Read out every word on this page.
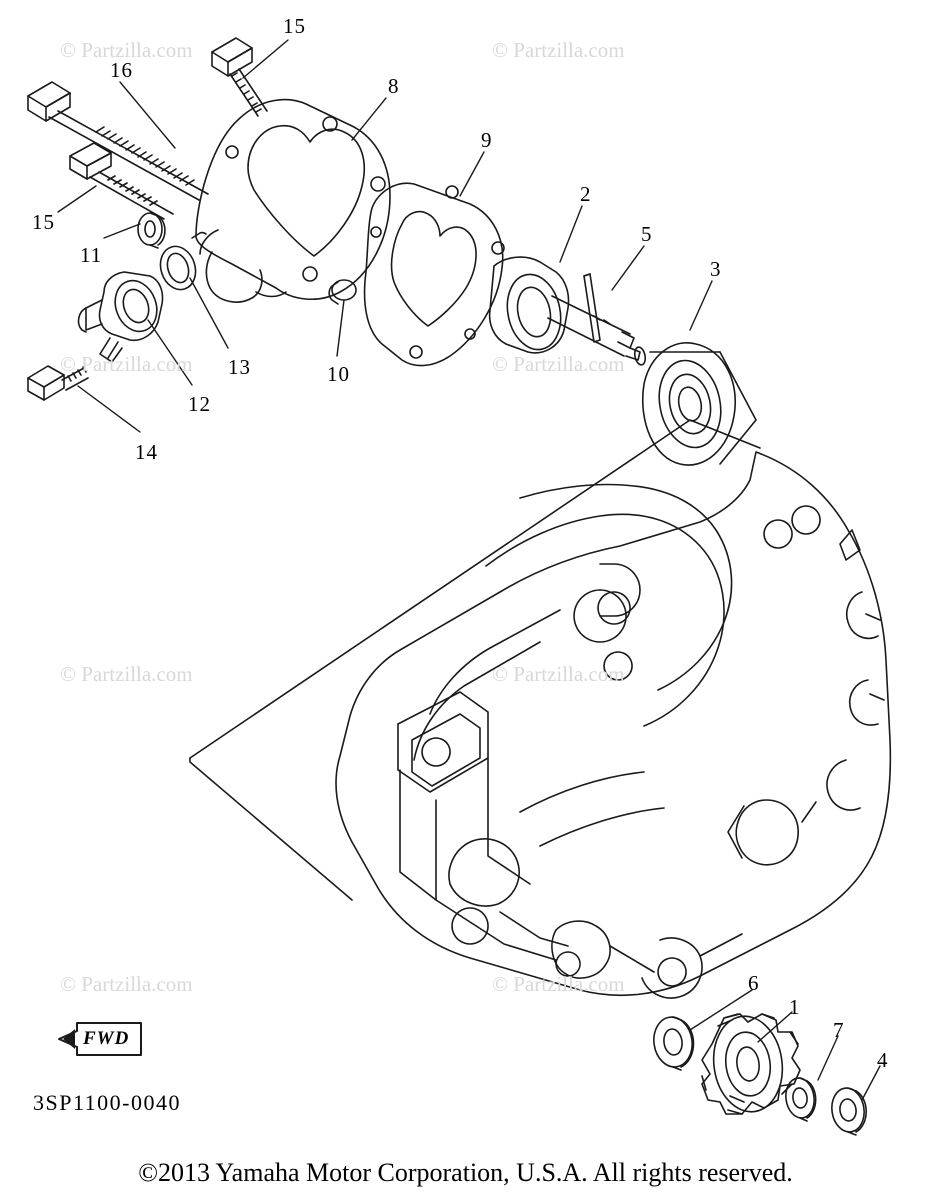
© Partzilla.com	© Partzilla.com
© Partzilla.com	© Partzilla.com
© Partzilla.com	© Partzilla.com
© Partzilla.com	© Partzilla.com
15
16
8
9
2
5
3
15
11
13
12
10
14
6
1
7
4
FWD
3SP1100-0040
©2013 Yamaha Motor Corporation, U.S.A. All rights reserved.
